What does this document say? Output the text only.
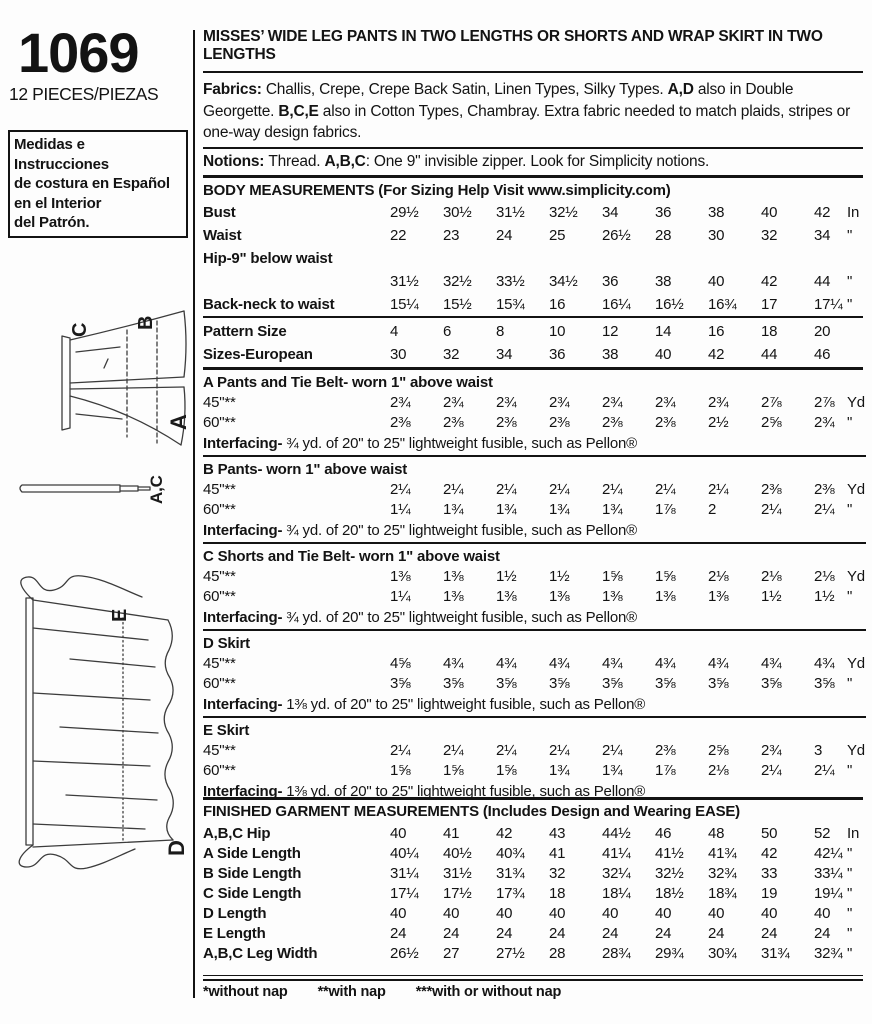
1069
12 PIECES/PIEZAS
Medidas e Instrucciones
de costura en Español
en el Interior
del Patrón.
C B
A
A,C
E
D
MISSES’ WIDE LEG PANTS IN TWO LENGTHS OR SHORTS AND WRAP SKIRT IN TWO LENGTHS
Fabrics: Challis, Crepe, Crepe Back Satin, Linen Types, Silky Types. A,D also in Double Georgette. B,C,E also in Cotton Types, Chambray. Extra fabric needed to match plaids, stripes or one-way design fabrics.
Notions: Thread. A,B,C: One 9" invisible zipper. Look for Simplicity notions.
BODY MEASUREMENTS (For Sizing Help Visit www.simplicity.com)
Bust	29½	30½	31½	32½	34	36	38	40	42	In
Waist	22	23	24	25	26½	28	30	32	34	"
Hip-9" below waist
31½	32½	33½	34½	36	38	40	42	44	"
Back-neck to waist	15¼	15½	15¾	16	16¼	16½	16¾	17	17¼ "
Pattern Size	4	6	8	10	12	14	16	18	20
Sizes-European	30	32	34	36	38	40	42	44	46
A Pants and Tie Belt- worn 1" above waist
45"**	2¾	2¾	2¾	2¾	2¾	2¾	2¾	2⅞	2⅞ Yd
60"**	2⅜	2⅜	2⅜	2⅜	2⅜	2⅜	2½	2⅝	2¾ "
Interfacing- ¾ yd. of 20" to 25" lightweight fusible, such as Pellon®
B Pants- worn 1" above waist
45"**	2¼	2¼	2¼	2¼	2¼	2¼	2¼	2⅜	2⅜ Yd
60"**	1¼	1¾	1¾	1¾	1¾	1⅞	2	2¼	2¼ "
Interfacing- ¾ yd. of 20" to 25" lightweight fusible, such as Pellon®
C Shorts and Tie Belt- worn 1" above waist
45"**	1⅜	1⅜	1½	1½	1⅝	1⅝	2⅛	2⅛	2⅛ Yd
60"**	1¼	1⅜	1⅜	1⅜	1⅜	1⅜	1⅜	1½	1½ "
Interfacing- ¾ yd. of 20" to 25" lightweight fusible, such as Pellon®
D Skirt
45"**	4⅝	4¾	4¾	4¾	4¾	4¾	4¾	4¾	4¾ Yd
60"**	3⅝	3⅝	3⅝	3⅝	3⅝	3⅝	3⅝	3⅝	3⅝ "
Interfacing- 1⅜ yd. of 20" to 25" lightweight fusible, such as Pellon®
E Skirt
45"**	2¼	2¼	2¼	2¼	2¼	2⅜	2⅝	2¾	3	Yd
60"**	1⅝	1⅝	1⅝	1¾	1¾	1⅞	2⅛	2¼	2¼ "
Interfacing- 1⅜ yd. of 20" to 25" lightweight fusible, such as Pellon®
FINISHED GARMENT MEASUREMENTS (Includes Design and Wearing EASE)
A,B,C Hip	40	41	42	43	44½	46	48	50	52	In
A Side Length	40¼	40½	40¾	41	41¼	41½	41¾	42	42¼ "
B Side Length	31¼	31½	31¾	32	32¼	32½	32¾	33	33¼ "
C Side Length	17¼	17½	17¾	18	18¼	18½	18¾	19	19¼ "
D Length	40	40	40	40	40	40	40	40	40	"
E Length	24	24	24	24	24	24	24	24	24	"
A,B,C Leg Width	26½	27	27½	28	28¾	29¾	30¾	31¾	32¾ "
*without nap **with nap ***with or without nap
